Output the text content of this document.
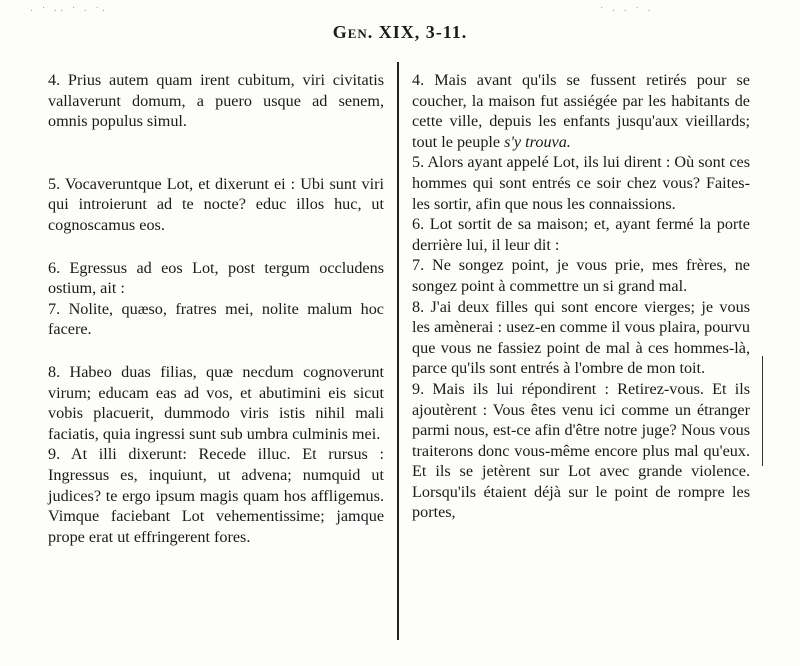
· ˙ ·· ˙ · ˙·	˙ · · ˙ ·
Gen. XIX, 3-11.

4. Prius autem quam irent cubitum, viri civitatis vallaverunt domum, a puero usque ad senem, omnis populus simul.

5. Vocaveruntque Lot, et dixerunt ei : Ubi sunt viri qui introierunt ad te nocte? educ illos huc, ut cognoscamus eos.

6. Egressus ad eos Lot, post tergum occludens ostium, ait :

7. Nolite, quæso, fratres mei, nolite malum hoc facere.

8. Habeo duas filias, quæ necdum cognoverunt virum; educam eas ad vos, et abutimini eis sicut vobis placuerit, dummodo viris istis nihil mali faciatis, quia ingressi sunt sub umbra culminis mei.

9. At illi dixerunt: Recede illuc. Et rursus : Ingressus es, inquiunt, ut advena; numquid ut judices? te ergo ipsum magis quam hos affligemus. Vimque faciebant Lot vehementissime; jamque prope erat ut effringerent fores.

4. Mais avant qu'ils se fussent retirés pour se coucher, la maison fut assiégée par les habitants de cette ville, depuis les enfants jusqu'aux vieillards; tout le peuple s'y trouva.

5. Alors ayant appelé Lot, ils lui dirent : Où sont ces hommes qui sont entrés ce soir chez vous? Faites-les sortir, afin que nous les connaissions.

6. Lot sortit de sa maison; et, ayant fermé la porte derrière lui, il leur dit :

7. Ne songez point, je vous prie, mes frères, ne songez point à commettre un si grand mal.

8. J'ai deux filles qui sont encore vierges; je vous les amènerai : usez-en comme il vous plaira, pourvu que vous ne fassiez point de mal à ces hommes-là, parce qu'ils sont entrés à l'ombre de mon toit.

9. Mais ils lui répondirent : Retirez-vous. Et ils ajoutèrent : Vous êtes venu ici comme un étranger parmi nous, est-ce afin d'être notre juge? Nous vous traiterons donc vous-même encore plus mal qu'eux. Et ils se jetèrent sur Lot avec grande violence. Lorsqu'ils étaient déjà sur le point de rompre les portes,
